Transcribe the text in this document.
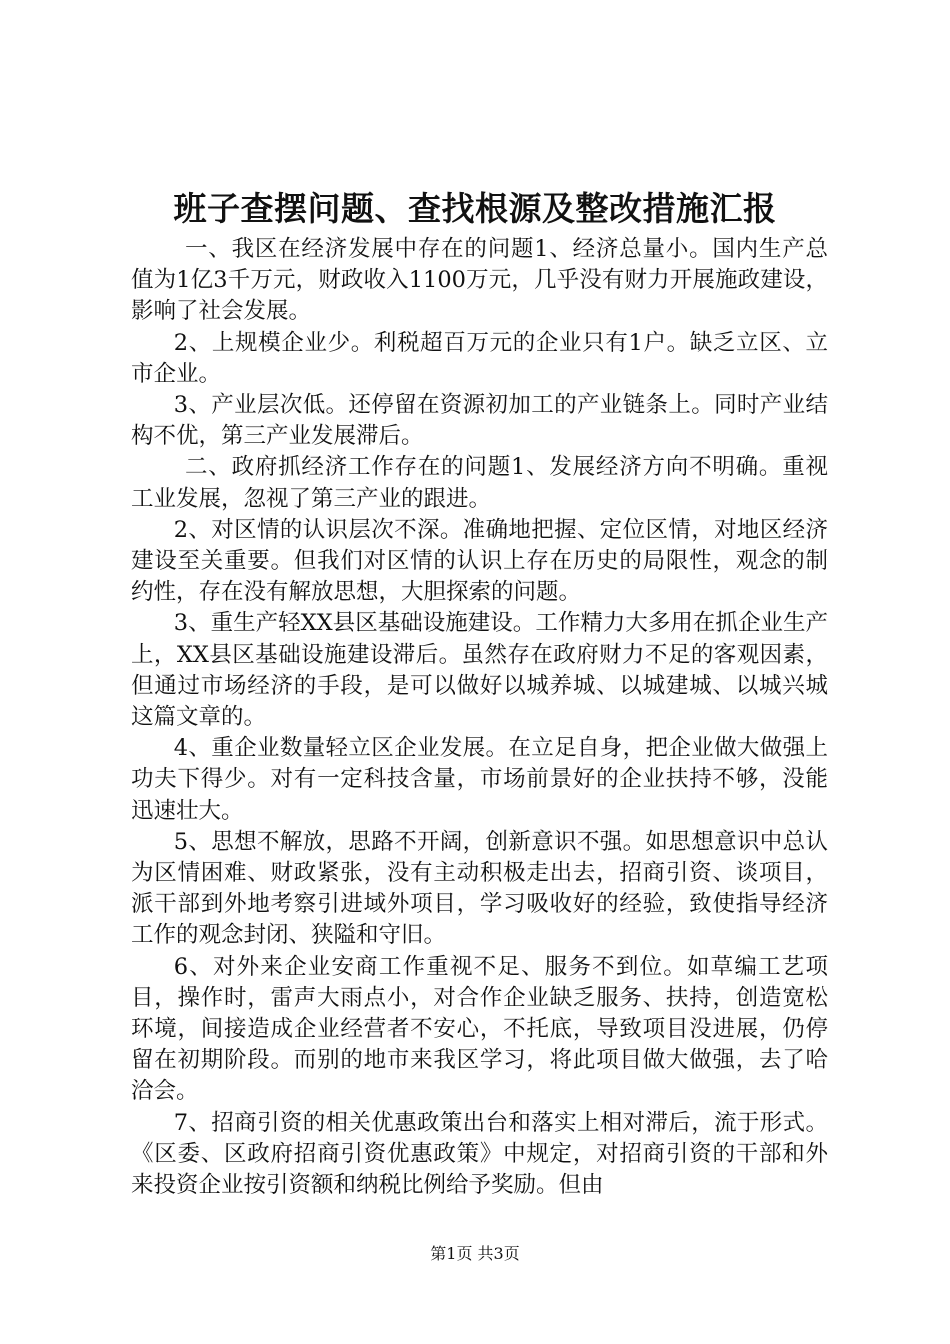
班子查摆问题、查找根源及整改措施汇报

一、我区在经济发展中存在的问题1、经济总量小。国内生产总值为1亿3千万元，财政收入1100万元，几乎没有财力开展施政建设，影响了社会发展。

2、上规模企业少。利税超百万元的企业只有1户。缺乏立区、立市企业。

3、产业层次低。还停留在资源初加工的产业链条上。同时产业结构不优，第三产业发展滞后。

二、政府抓经济工作存在的问题1、发展经济方向不明确。重视工业发展，忽视了第三产业的跟进。

2、对区情的认识层次不深。准确地把握、定位区情，对地区经济建设至关重要。但我们对区情的认识上存在历史的局限性，观念的制约性，存在没有解放思想，大胆探索的问题。

3、重生产轻XX县区基础设施建设。工作精力大多用在抓企业生产上，XX县区基础设施建设滞后。虽然存在政府财力不足的客观因素，但通过市场经济的手段，是可以做好以城养城、以城建城、以城兴城这篇文章的。

4、重企业数量轻立区企业发展。在立足自身，把企业做大做强上功夫下得少。对有一定科技含量，市场前景好的企业扶持不够，没能迅速壮大。

5、思想不解放，思路不开阔，创新意识不强。如思想意识中总认为区情困难、财政紧张，没有主动积极走出去，招商引资、谈项目，派干部到外地考察引进域外项目，学习吸收好的经验，致使指导经济工作的观念封闭、狭隘和守旧。

6、对外来企业安商工作重视不足、服务不到位。如草编工艺项目，操作时，雷声大雨点小，对合作企业缺乏服务、扶持，创造宽松环境，间接造成企业经营者不安心，不托底，导致项目没进展，仍停留在初期阶段。而别的地市来我区学习，将此项目做大做强，去了哈洽会。

7、招商引资的相关优惠政策出台和落实上相对滞后，流于形式。《区委、区政府招商引资优惠政策》中规定，对招商引资的干部和外来投资企业按引资额和纳税比例给予奖励。但由

第1页 共3页
